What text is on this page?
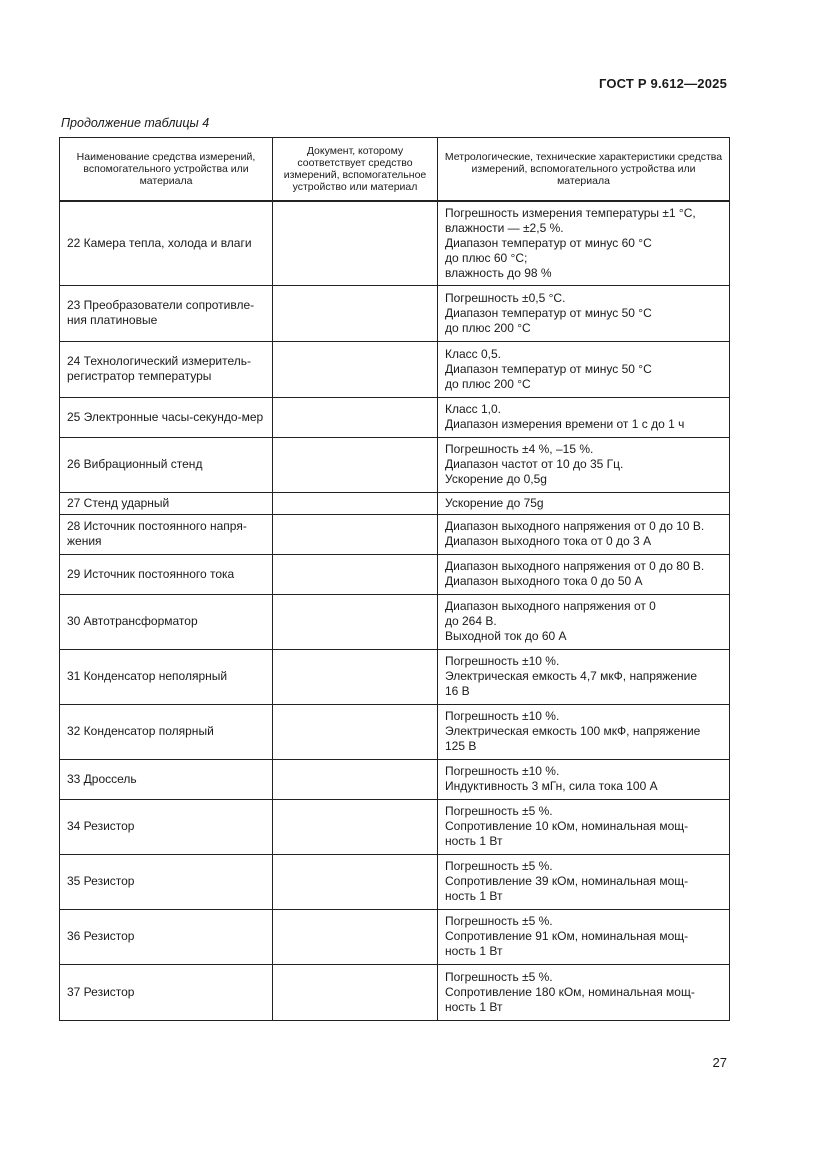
ГОСТ Р 9.612—2025
Продолжение таблицы 4
Наименование средства измерений, вспомогательного устройства или материала	Документ, которому соответствует средство измерений, вспомогательное устройство или материал	Метрологические, технические характеристики средства измерений, вспомогательного устройства или материала
22 Камера тепла, холода и влаги		Погрешность измерения температуры ±1 °С,
влажности — ±2,5 %.
Диапазон температур от минус 60 °С
до плюс 60 °С;
влажность до 98 %

23 Преобразователи сопротивле-ния платиновые		Погрешность ±0,5 °С.
Диапазон температур от минус 50 °С
до плюс 200 °С

24 Технологический измеритель-регистратор температуры		Класс 0,5.
Диапазон температур от минус 50 °С
до плюс 200 °С

25 Электронные часы-секундо-мер		Класс 1,0.
Диапазон измерения времени от 1 с до 1 ч

26 Вибрационный стенд		Погрешность ±4 %, –15 %.
Диапазон частот от 10 до 35 Гц.
Ускорение до 0,5g

27 Стенд ударный		Ускорение до 75g

28 Источник постоянного напря-жения		Диапазон выходного напряжения от 0 до 10 В.
Диапазон выходного тока от 0 до 3 А

29 Источник постоянного тока		Диапазон выходного напряжения от 0 до 80 В.
Диапазон выходного тока 0 до 50 А

30 Автотрансформатор		Диапазон выходного напряжения от 0
до 264 В.
Выходной ток до 60 А

31 Конденсатор неполярный		Погрешность ±10 %.
Электрическая емкость 4,7 мкФ, напряжение
16 В

32 Конденсатор полярный		Погрешность ±10 %.
Электрическая емкость 100 мкФ, напряжение
125 В

33 Дроссель		Погрешность ±10 %.
Индуктивность 3 мГн, сила тока 100 А

34 Резистор		Погрешность ±5 %.
Сопротивление 10 кОм, номинальная мощ-
ность 1 Вт

35 Резистор		Погрешность ±5 %.
Сопротивление 39 кОм, номинальная мощ-
ность 1 Вт

36 Резистор		Погрешность ±5 %.
Сопротивление 91 кОм, номинальная мощ-
ность 1 Вт

37 Резистор		Погрешность ±5 %.
Сопротивление 180 кОм, номинальная мощ-
ность 1 Вт
27
